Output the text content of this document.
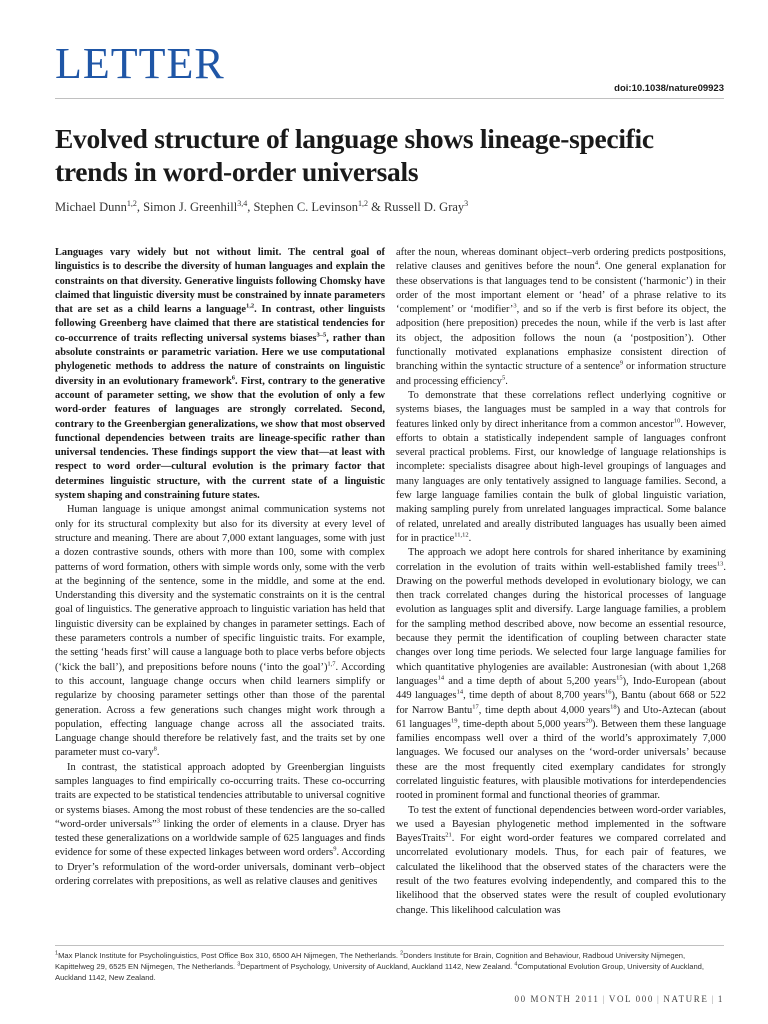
LETTER
doi:10.1038/nature09923
Evolved structure of language shows lineage-specific trends in word-order universals

Michael Dunn$^{1,2}$, Simon J. Greenhill$^{3,4}$, Stephen C. Levinson$^{1,2}$ & Russell D. Gray$^3$

Languages vary widely but not without limit. The central goal of linguistics is to describe the diversity of human languages and explain the constraints on that diversity. Generative linguists following Chomsky have claimed that linguistic diversity must be constrained by innate parameters that are set as a child learns a language$^{1,2}$. In contrast, other linguists following Greenberg have claimed that there are statistical tendencies for co-occurrence of traits reflecting universal systems biases$^{3-5}$, rather than absolute constraints or parametric variation. Here we use computational phylogenetic methods to address the nature of constraints on linguistic diversity in an evolutionary framework$^6$. First, contrary to the generative account of parameter setting, we show that the evolution of only a few word-order features of languages are strongly correlated. Second, contrary to the Greenbergian generalizations, we show that most observed functional dependencies between traits are lineage-specific rather than universal tendencies. These findings support the view that—at least with respect to word order—cultural evolution is the primary factor that determines linguistic structure, with the current state of a linguistic system shaping and constraining future states.

Human language is unique amongst animal communication systems not only for its structural complexity but also for its diversity at every level of structure and meaning. There are about 7,000 extant languages, some with just a dozen contrastive sounds, others with more than 100, some with complex patterns of word formation, others with simple words only, some with the verb at the beginning of the sentence, some in the middle, and some at the end. Understanding this diversity and the systematic constraints on it is the central goal of linguistics. The generative approach to linguistic variation has held that linguistic diversity can be explained by changes in parameter settings. Each of these parameters controls a number of specific linguistic traits. For example, the setting ‘heads first’ will cause a language both to place verbs before objects (‘kick the ball’), and prepositions before nouns (‘into the goal’)$^{1,7}$. According to this account, language change occurs when child learners simplify or regularize by choosing parameter settings other than those of the parental generation. Across a few generations such changes might work through a population, effecting language change across all the associated traits. Language change should therefore be relatively fast, and the traits set by one parameter must co-vary$^8$.

In contrast, the statistical approach adopted by Greenbergian linguists samples languages to find empirically co-occurring traits. These co-occurring traits are expected to be statistical tendencies attributable to universal cognitive or systems biases. Among the most robust of these tendencies are the so-called “word-order universals”$^3$ linking the order of elements in a clause. Dryer has tested these generalizations on a worldwide sample of 625 languages and finds evidence for some of these expected linkages between word orders$^9$. According to Dryer’s reformulation of the word-order universals, dominant verb–object ordering correlates with prepositions, as well as relative clauses and genitives

after the noun, whereas dominant object–verb ordering predicts postpositions, relative clauses and genitives before the noun$^4$. One general explanation for these observations is that languages tend to be consistent (‘harmonic’) in their order of the most important element or ‘head’ of a phrase relative to its ‘complement’ or ‘modifier’$^3$, and so if the verb is first before its object, the adposition (here preposition) precedes the noun, while if the verb is last after its object, the adposition follows the noun (a ‘postposition’). Other functionally motivated explanations emphasize consistent direction of branching within the syntactic structure of a sentence$^9$ or information structure and processing efficiency$^5$.

To demonstrate that these correlations reflect underlying cognitive or systems biases, the languages must be sampled in a way that controls for features linked only by direct inheritance from a common ancestor$^{10}$. However, efforts to obtain a statistically independent sample of languages confront several practical problems. First, our knowledge of language relationships is incomplete: specialists disagree about high-level groupings of languages and many languages are only tentatively assigned to language families. Second, a few large language families contain the bulk of global linguistic variation, making sampling purely from unrelated languages impractical. Some balance of related, unrelated and areally distributed languages has usually been aimed for in practice$^{11,12}$.

The approach we adopt here controls for shared inheritance by examining correlation in the evolution of traits within well-established family trees$^{13}$. Drawing on the powerful methods developed in evolutionary biology, we can then track correlated changes during the historical processes of language evolution as languages split and diversify. Large language families, a problem for the sampling method described above, now become an essential resource, because they permit the identification of coupling between character state changes over long time periods. We selected four large language families for which quantitative phylogenies are available: Austronesian (with about 1,268 languages$^{14}$ and a time depth of about 5,200 years$^{15}$), Indo-European (about 449 languages$^{14}$, time depth of about 8,700 years$^{16}$), Bantu (about 668 or 522 for Narrow Bantu$^{17}$, time depth about 4,000 years$^{18}$) and Uto-Aztecan (about 61 languages$^{19}$, time-depth about 5,000 years$^{20}$). Between them these language families encompass well over a third of the world’s approximately 7,000 languages. We focused our analyses on the ‘word-order universals’ because these are the most frequently cited exemplary candidates for strongly correlated linguistic features, with plausible motivations for interdependencies rooted in prominent formal and functional theories of grammar.

To test the extent of functional dependencies between word-order variables, we used a Bayesian phylogenetic method implemented in the software BayesTraits$^{21}$. For eight word-order features we compared correlated and uncorrelated evolutionary models. Thus, for each pair of features, we calculated the likelihood that the observed states of the characters were the result of the two features evolving independently, and compared this to the likelihood that the observed states were the result of coupled evolutionary change. This likelihood calculation was

$^1$Max Planck Institute for Psycholinguistics, Post Office Box 310, 6500 AH Nijmegen, The Netherlands. $^2$Donders Institute for Brain, Cognition and Behaviour, Radboud University Nijmegen, Kapittelweg 29, 6525 EN Nijmegen, The Netherlands. $^3$Department of Psychology, University of Auckland, Auckland 1142, New Zealand. $^4$Computational Evolution Group, University of Auckland, Auckland 1142, New Zealand.

00 MONTH 2011 | VOL 000 | NATURE | 1
